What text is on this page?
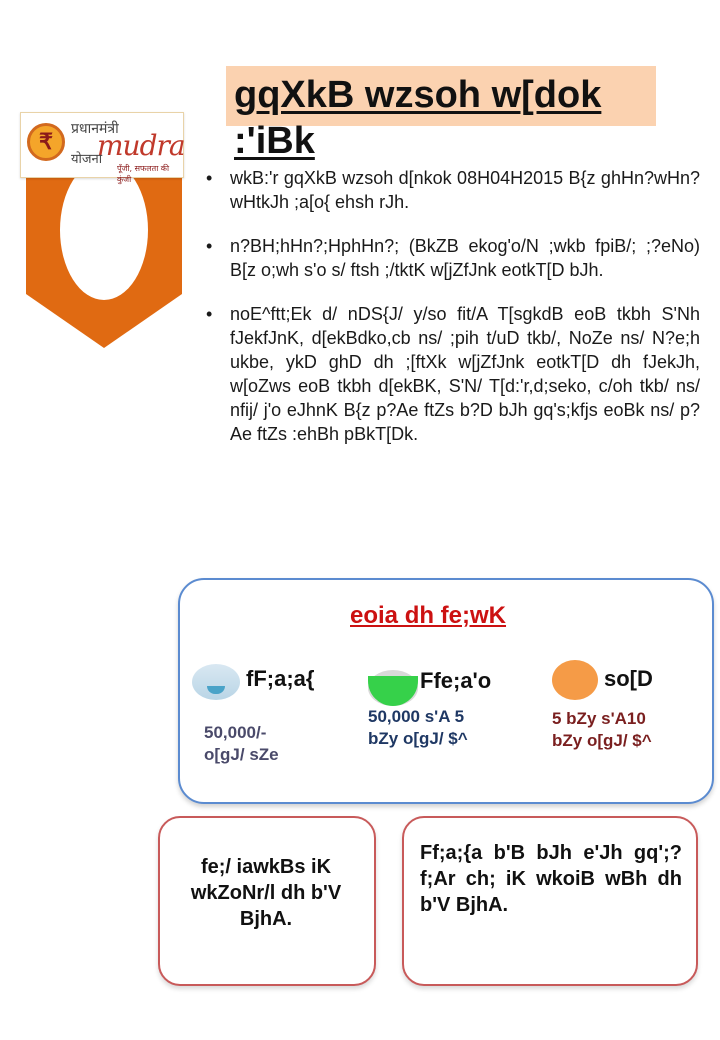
₹	प्रधानमंत्री
mudra
योजना
पूँजी, सफलता की कुंजी
gqXkB wzsoh w[dok :'iBk
• wkB:'r gqXkB wzsoh d[nkok 08H04H2015 B{z ghHn?wHn?wHtkJh ;a[o{ ehsh rJh.
• n?BH;hHn?;HphHn?; (BkZB ekog'o/N ;wkb fpiB/; ;?eNo) B[z o;wh s'o s/ ftsh ;/tktK w[jZfJnk eotkT[D bJh.
• noE^ftt;Ek d/ nDS{J/ y/so fit/A T[sgkdB eoB tkbh S'Nh fJekfJnK, d[ekBdko,cb ns/ ;pih t/uD tkb/, NoZe ns/ N?e;h ukbe, ykD ghD dh ;[ftXk w[jZfJnk eotkT[D dh fJekJh, w[oZws eoB tkbh d[ekBK, S'N/ T[d:'r,d;seko, c/oh tkb/ ns/ nfij/ j'o eJhnK B{z p?Ae ftZs b?D bJh gq's;kfjs eoBk ns/ p?Ae ftZs :ehBh pBkT[Dk.
eoia dh fe;wK
fF;a;a{
50,000/-
o[gJ/ sZe
Ffe;a'o
50,000 s'A 5
bZy o[gJ/ $^
so[D
5 bZy s'A10
bZy o[gJ/ $^
fe;/ iawkBs iK wkZoNr/l dh b'V BjhA.
Ff;a;{a b'B bJh e'Jh gq';?f;Ar ch; iK wkoiB wBh dh b'V BjhA.
